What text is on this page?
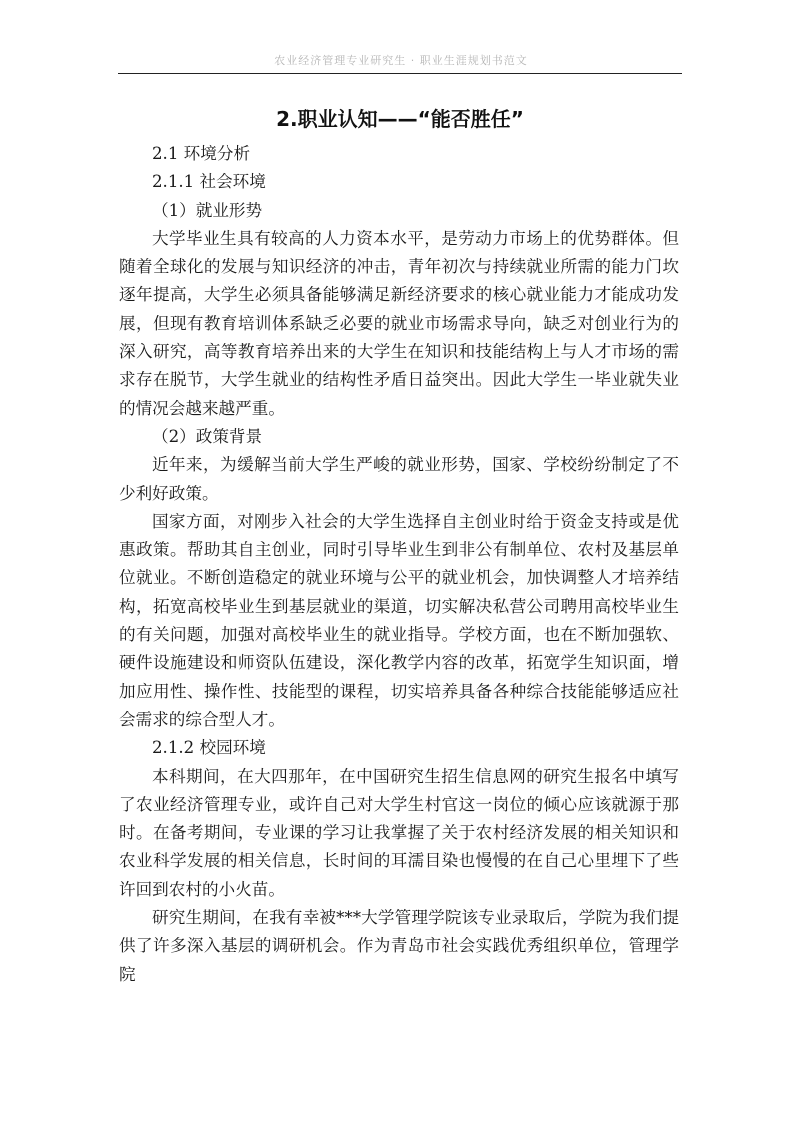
农业经济管理专业研究生 · 职业生涯规划书范文
2.职业认知——“能否胜任”

2.1 环境分析

2.1.1 社会环境

（1）就业形势

大学毕业生具有较高的人力资本水平，是劳动力市场上的优势群体。但随着全球化的发展与知识经济的冲击，青年初次与持续就业所需的能力门坎逐年提高，大学生必须具备能够满足新经济要求的核心就业能力才能成功发展，但现有教育培训体系缺乏必要的就业市场需求导向，缺乏对创业行为的深入研究，高等教育培养出来的大学生在知识和技能结构上与人才市场的需求存在脱节，大学生就业的结构性矛盾日益突出。因此大学生一毕业就失业的情况会越来越严重。

（2）政策背景

近年来，为缓解当前大学生严峻的就业形势，国家、学校纷纷制定了不少利好政策。

国家方面，对刚步入社会的大学生选择自主创业时给于资金支持或是优惠政策。帮助其自主创业，同时引导毕业生到非公有制单位、农村及基层单位就业。不断创造稳定的就业环境与公平的就业机会，加快调整人才培养结构，拓宽高校毕业生到基层就业的渠道，切实解决私营公司聘用高校毕业生的有关问题，加强对高校毕业生的就业指导。学校方面，也在不断加强软、硬件设施建设和师资队伍建设，深化教学内容的改革，拓宽学生知识面，增加应用性、操作性、技能型的课程，切实培养具备各种综合技能能够适应社会需求的综合型人才。

2.1.2 校园环境

本科期间，在大四那年，在中国研究生招生信息网的研究生报名中填写了农业经济管理专业，或许自己对大学生村官这一岗位的倾心应该就源于那时。在备考期间，专业课的学习让我掌握了关于农村经济发展的相关知识和农业科学发展的相关信息，长时间的耳濡目染也慢慢的在自己心里埋下了些许回到农村的小火苗。

研究生期间，在我有幸被***大学管理学院该专业录取后，学院为我们提供了许多深入基层的调研机会。作为青岛市社会实践优秀组织单位，管理学院
